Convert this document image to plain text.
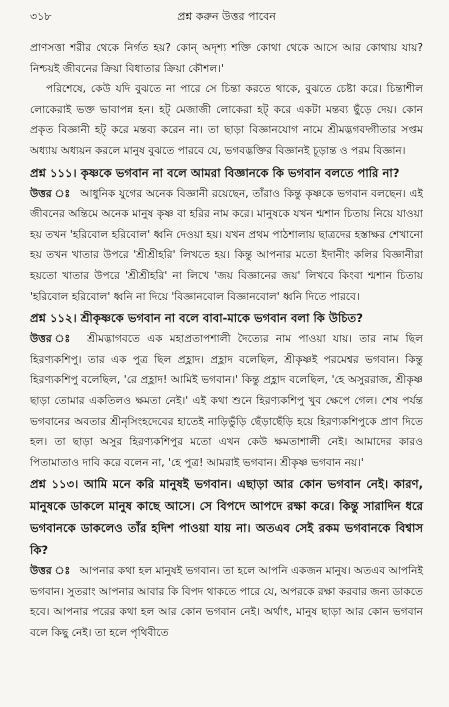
৩১৮	প্রশ্ন করুন উত্তর পাবেন

প্রাণসত্তা শরীর থেকে নির্গত হয়? কোন্ অদৃশ্য শক্তি কোথা থেকে আসে আর কোথায় যায়? নিশ্চয়ই জীবনের ক্রিয়া বিধাতার ক্রিয়া কৌশল।'

পরিশেষে, কেউ যদি বুঝতে না পারে সে চিন্তা করতে থাকে, বুঝতে চেষ্টা করে। চিন্তাশীল লোকেরাই ভক্ত ভাবাপন্ন হন। হট্ মেজাজী লোকেরা হট্ করে একটা মন্তব্য ছুঁড়ে দেয়। কোন প্রকৃত বিজ্ঞানী হট্ করে মন্তব্য করেন না। তা ছাড়া বিজ্ঞানযোগ নামে শ্রীমদ্ভগবদ্গীতার সপ্তম অধ্যায় অধ্যয়ন করলে মানুষ বুঝতে পারবে যে, ভগবদ্ভক্তির বিজ্ঞানই চূড়ান্ত ও পরম বিজ্ঞান।

প্রশ্ন ১১১। কৃষ্ণকে ভগবান না বলে আমরা বিজ্ঞানকে কি ভগবান বলতে পারি না?

উত্তর ঃ আধুনিক যুগের অনেক বিজ্ঞানী রয়েছেন, তাঁরাও কিন্তু কৃষ্ণকে ভগবান বলছেন। এই জীবনের অন্তিমে অনেক মানুষ কৃষ্ণ বা হরির নাম করে। মানুষকে যখন শ্মশান চিতায় নিয়ে যাওয়া হয় তখন 'হরিবোল হরিবোল' ধ্বনি দেওয়া হয়। যখন প্রথম পাঠশালায় ছাত্রদের হস্তাক্ষর শেখানো হয় তখন খাতার উপরে 'শ্রীশ্রীহরি' লিখতে হয়। কিন্তু আপনার মতো ইদানীং কলির বিজ্ঞানীরা হয়তো খাতার উপরে 'শ্রীশ্রীহরি' না লিখে 'জয় বিজ্ঞানের জয়' লিখবে কিংবা শ্মশান চিতায় 'হরিবোল হরিবোল' ধ্বনি না দিয়ে 'বিজ্ঞানবোল বিজ্ঞানবোল' ধ্বনি দিতে পারবে।

প্রশ্ন ১১২। শ্রীকৃষ্ণকে ভগবান না বলে বাবা-মাকে ভগবান বলা কি উচিত?

উত্তর ঃ শ্রীমদ্ভাগবতে এক মহাপ্রতাপশালী দৈত্যের নাম পাওয়া যায়। তার নাম ছিল হিরণ্যকশিপু। তার এক পুত্র ছিল প্রহ্লাদ। প্রহ্লাদ বলেছিল, শ্রীকৃষ্ণই পরমেশ্বর ভগবান। কিন্তু হিরণ্যকশিপু বলেছিল, 'রে প্রহ্লাদ! আমিই ভগবান।' কিন্তু প্রহ্লাদ বলেছিল, 'হে অসুররাজ, শ্রীকৃষ্ণ ছাড়া তোমার একতিলও ক্ষমতা নেই।' এই কথা শুনে হিরণ্যকশিপু খুব ক্ষেপে গেল। শেষ পর্যন্ত ভগবানের অবতার শ্রীনৃসিংহদেবের হাতেই নাড়িভুঁড়ি ছেঁড়াছেঁড়ি হয়ে হিরণ্যকশিপুকে প্রাণ দিতে হল। তা ছাড়া অসুর হিরণ্যকশিপুর মতো এখন কেউ ক্ষমতাশালী নেই। আমাদের কারও পিতামাতাও দাবি করে বলেন না, 'হে পুত্র! আমরাই ভগবান। শ্রীকৃষ্ণ ভগবান নয়।'

প্রশ্ন ১১৩। আমি মনে করি মানুষই ভগবান। এছাড়া আর কোন ভগবান নেই। কারণ, মানুষকে ডাকলে মানুষ কাছে আসে। সে বিপদে আপদে রক্ষা করে। কিন্তু সারাদিন ধরে ভগবানকে ডাকলেও তাঁর হদিশ পাওয়া যায় না। অতএব সেই রকম ভগবানকে বিশ্বাস কি?

উত্তর ঃ আপনার কথা হল মানুষই ভগবান। তা হলে আপনি একজন মানুষ। অতএব আপনিই ভগবান। সুতরাং আপনার আবার কি বিপদ থাকতে পারে যে, অপরকে রক্ষা করবার জন্য ডাকতে হবে। আপনার পরের কথা হল আর কোন ভগবান নেই। অর্থাৎ, মানুষ ছাড়া আর কোন ভগবান বলে কিছু নেই। তা হলে পৃথিবীতে
